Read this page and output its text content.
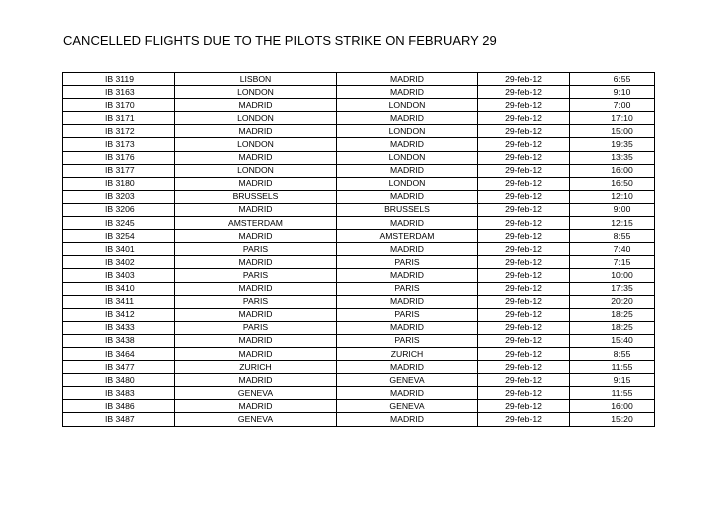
CANCELLED FLIGHTS DUE TO THE PILOTS STRIKE ON FEBRUARY 29
IB 3119	LISBON	MADRID	29-feb-12	6:55
IB 3163	LONDON	MADRID	29-feb-12	9:10
IB 3170	MADRID	LONDON	29-feb-12	7:00
IB 3171	LONDON	MADRID	29-feb-12	17:10
IB 3172	MADRID	LONDON	29-feb-12	15:00
IB 3173	LONDON	MADRID	29-feb-12	19:35
IB 3176	MADRID	LONDON	29-feb-12	13:35
IB 3177	LONDON	MADRID	29-feb-12	16:00
IB 3180	MADRID	LONDON	29-feb-12	16:50
IB 3203	BRUSSELS	MADRID	29-feb-12	12:10
IB 3206	MADRID	BRUSSELS	29-feb-12	9:00
IB 3245	AMSTERDAM	MADRID	29-feb-12	12:15
IB 3254	MADRID	AMSTERDAM	29-feb-12	8:55
IB 3401	PARIS	MADRID	29-feb-12	7:40
IB 3402	MADRID	PARIS	29-feb-12	7:15
IB 3403	PARIS	MADRID	29-feb-12	10:00
IB 3410	MADRID	PARIS	29-feb-12	17:35
IB 3411	PARIS	MADRID	29-feb-12	20:20
IB 3412	MADRID	PARIS	29-feb-12	18:25
IB 3433	PARIS	MADRID	29-feb-12	18:25
IB 3438	MADRID	PARIS	29-feb-12	15:40
IB 3464	MADRID	ZURICH	29-feb-12	8:55
IB 3477	ZURICH	MADRID	29-feb-12	11:55
IB 3480	MADRID	GENEVA	29-feb-12	9:15
IB 3483	GENEVA	MADRID	29-feb-12	11:55
IB 3486	MADRID	GENEVA	29-feb-12	16:00
IB 3487	GENEVA	MADRID	29-feb-12	15:20
